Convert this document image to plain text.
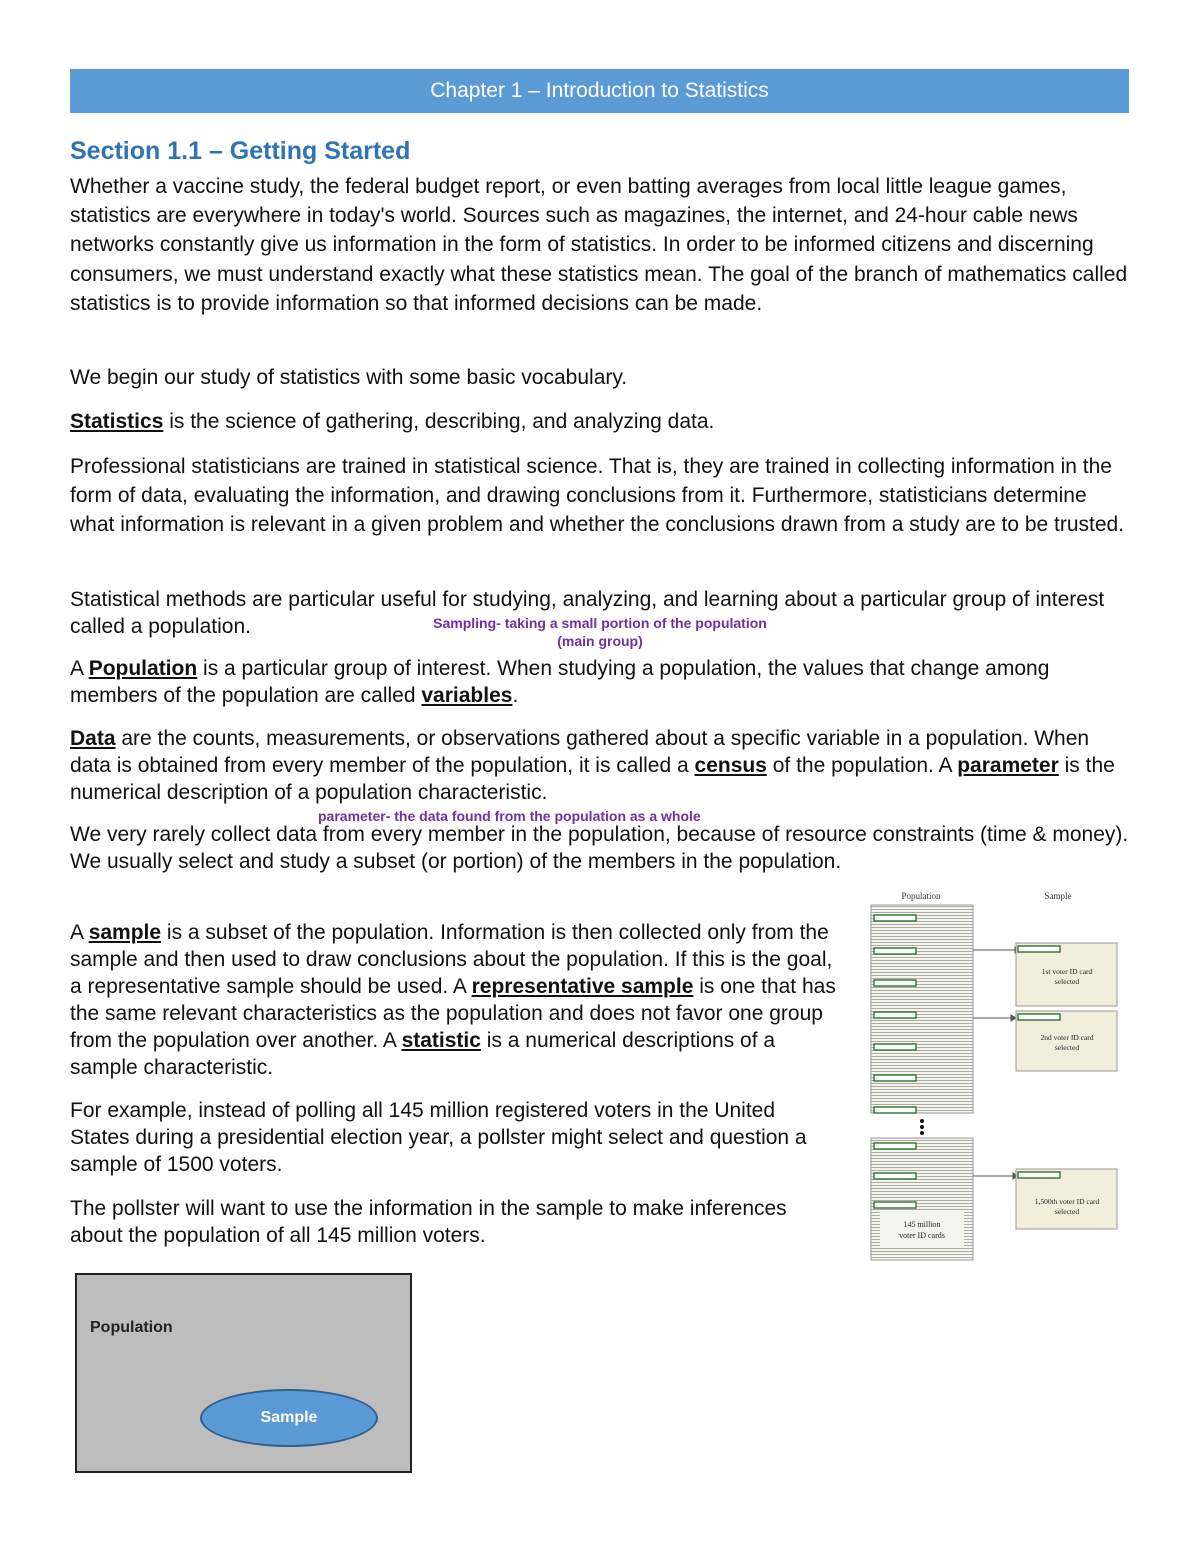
Chapter 1 – Introduction to Statistics
Section 1.1 – Getting Started

Whether a vaccine study, the federal budget report, or even batting averages from local little league games, statistics are everywhere in today's world. Sources such as magazines, the internet, and 24-hour cable news networks constantly give us information in the form of statistics. In order to be informed citizens and discerning consumers, we must understand exactly what these statistics mean. The goal of the branch of mathematics called statistics is to provide information so that informed decisions can be made.

We begin our study of statistics with some basic vocabulary.

Statistics is the science of gathering, describing, and analyzing data.

Professional statisticians are trained in statistical science. That is, they are trained in collecting information in the form of data, evaluating the information, and drawing conclusions from it. Furthermore, statisticians determine what information is relevant in a given problem and whether the conclusions drawn from a study are to be trusted.

Statistical methods are particular useful for studying, analyzing, and learning about a particular group of interest called a population.	Sampling- taking a small portion of the population
(main group)

A Population is a particular group of interest. When studying a population, the values that change among members of the population are called variables.

Data are the counts, measurements, or observations gathered about a specific variable in a population. When data is obtained from every member of the population, it is called a census of the population. A parameter is the numerical description of a population characteristic.

parameter- the data found from the population as a whole

We very rarely collect data from every member in the population, because of resource constraints (time & money). We usually select and study a subset (or portion) of the members in the population.

A sample is a subset of the population. Information is then collected only from the sample and then used to draw conclusions about the population. If this is the goal, a representative sample should be used. A representative sample is one that has the same relevant characteristics as the population and does not favor one group from the population over another. A statistic is a numerical descriptions of a sample characteristic.

For example, instead of polling all 145 million registered voters in the United States during a presidential election year, a pollster might select and question a sample of 1500 voters.

The pollster will want to use the information in the sample to make inferences about the population of all 145 million voters.

Population	Sample
145 million
voter ID cards
1st voter ID card
selected
2nd voter ID card
selected
1,500th voter ID card
selected
Population
Sample
